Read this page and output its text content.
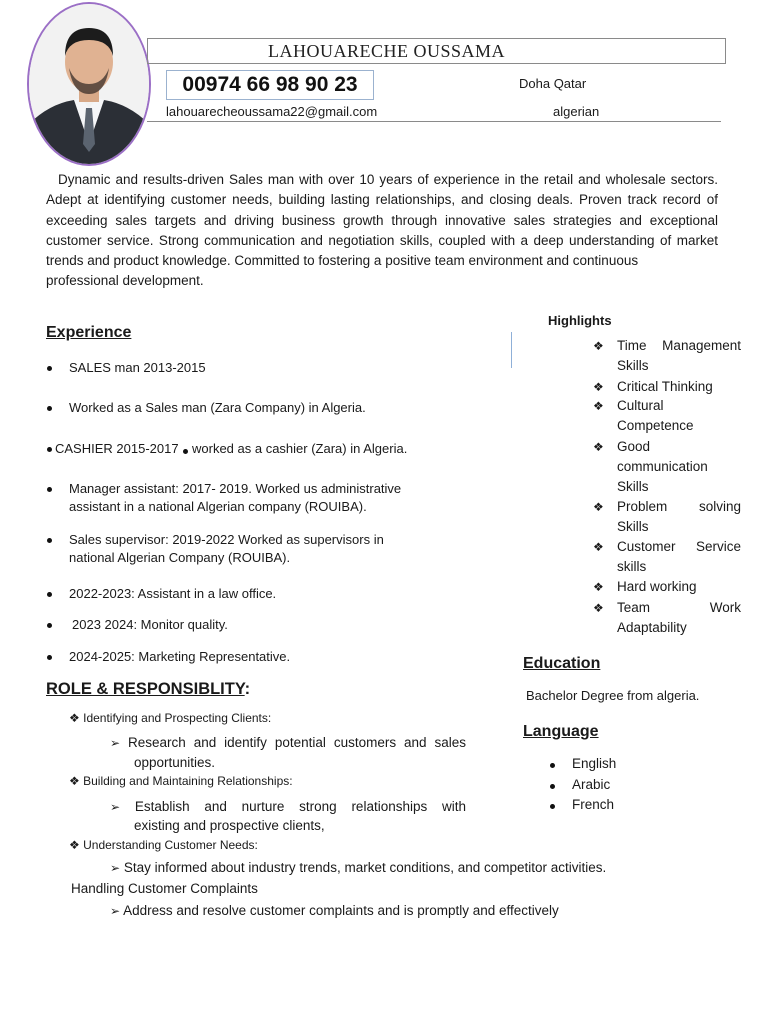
LAHOUARECHE OUSSAMA
00974 66 98 90 23	Doha Qatar
lahouarecheoussama22@gmail.com	algerian

Dynamic and results-driven Sales man with over 10 years of experience in the retail and wholesale sectors. Adept at identifying customer needs, building lasting relationships, and closing deals. Proven track record of exceeding sales targets and driving business growth through innovative sales strategies and exceptional customer service. Strong communication and negotiation skills, coupled with a deep understanding of market trends and product knowledge. Committed to fostering a positive team environment and continuous

professional development.

Experience
SALES man 2013-2015
Worked as a Sales man (Zara Company) in Algeria.
CASHIER 2015-2017 worked as a cashier (Zara) in Algeria.
Manager assistant: 2017- 2019. Worked us administrative
assistant in a national Algerian company (ROUIBA).
Sales supervisor: 2019-2022 Worked as supervisors in
national Algerian Company (ROUIBA).
2022-2023: Assistant in a law office.
2023 2024: Monitor quality.
2024-2025: Marketing Representative.
Highlights
❖ Time Management Skills
❖ Critical Thinking
❖ Cultural Competence
❖ Good communication Skills
❖ Problem solving Skills
❖ Customer Service skills
❖ Hard working
❖ Team Work Adaptability
Education
Bachelor Degree from algeria.
Language
English
Arabic
French
ROLE & RESPONSIBLITY:
❖ Identifying and Prospecting Clients:
➢ Research and identify potential customers and sales
opportunities.
❖ Building and Maintaining Relationships:
➢ Establish and nurture strong relationships with
existing and prospective clients,
❖ Understanding Customer Needs:
➢ Stay informed about industry trends, market conditions, and competitor activities.
Handling Customer Complaints
➢ Address and resolve customer complaints and is promptly and effectively
